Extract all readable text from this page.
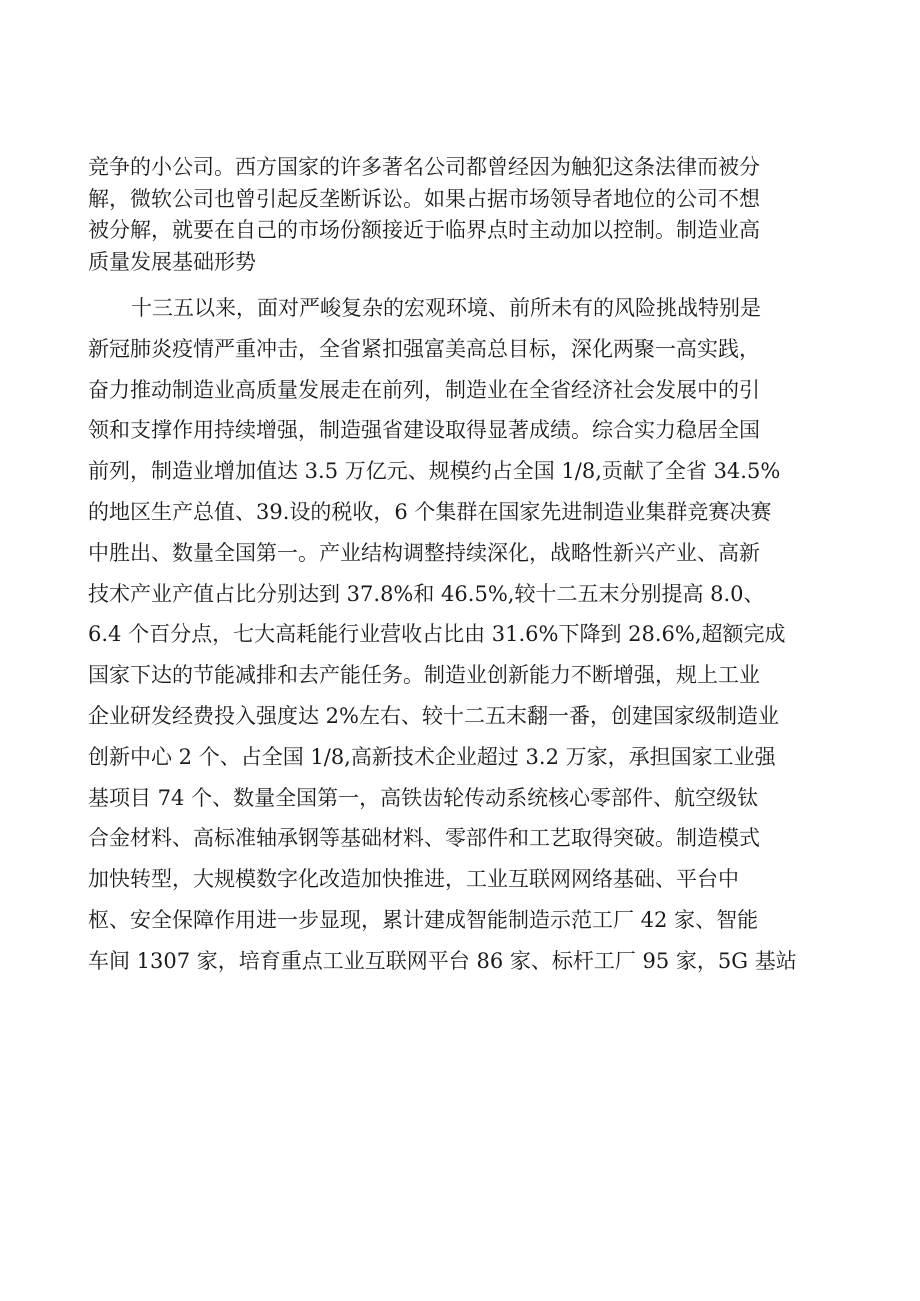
竞争的小公司。西方国家的许多著名公司都曾经因为触犯这条法律而被分
解，微软公司也曾引起反垄断诉讼。如果占据市场领导者地位的公司不想
被分解，就要在自己的市场份额接近于临界点时主动加以控制。制造业高
质量发展基础形势
十三五以来，面对严峻复杂的宏观环境、前所未有的风险挑战特别是
新冠肺炎疫情严重冲击，全省紧扣强富美高总目标，深化两聚一高实践，
奋力推动制造业高质量发展走在前列，制造业在全省经济社会发展中的引
领和支撑作用持续增强，制造强省建设取得显著成绩。综合实力稳居全国
前列，制造业增加值达 3.5 万亿元、规模约占全国 1/8,贡献了全省 34.5%
的地区生产总值、39.设的税收，6 个集群在国家先进制造业集群竞赛决赛
中胜出、数量全国第一。产业结构调整持续深化，战略性新兴产业、高新
技术产业产值占比分别达到 37.8%和 46.5%,较十二五末分别提高 8.0、
6.4 个百分点，七大高耗能行业营收占比由 31.6%下降到 28.6%,超额完成
国家下达的节能减排和去产能任务。制造业创新能力不断增强，规上工业
企业研发经费投入强度达 2%左右、较十二五末翻一番，创建国家级制造业
创新中心 2 个、占全国 1/8,高新技术企业超过 3.2 万家，承担国家工业强
基项目 74 个、数量全国第一，高铁齿轮传动系统核心零部件、航空级钛
合金材料、高标准轴承钢等基础材料、零部件和工艺取得突破。制造模式
加快转型，大规模数字化改造加快推进，工业互联网网络基础、平台中
枢、安全保障作用进一步显现，累计建成智能制造示范工厂 42 家、智能
车间 1307 家，培育重点工业互联网平台 86 家、标杆工厂 95 家，5G 基站
